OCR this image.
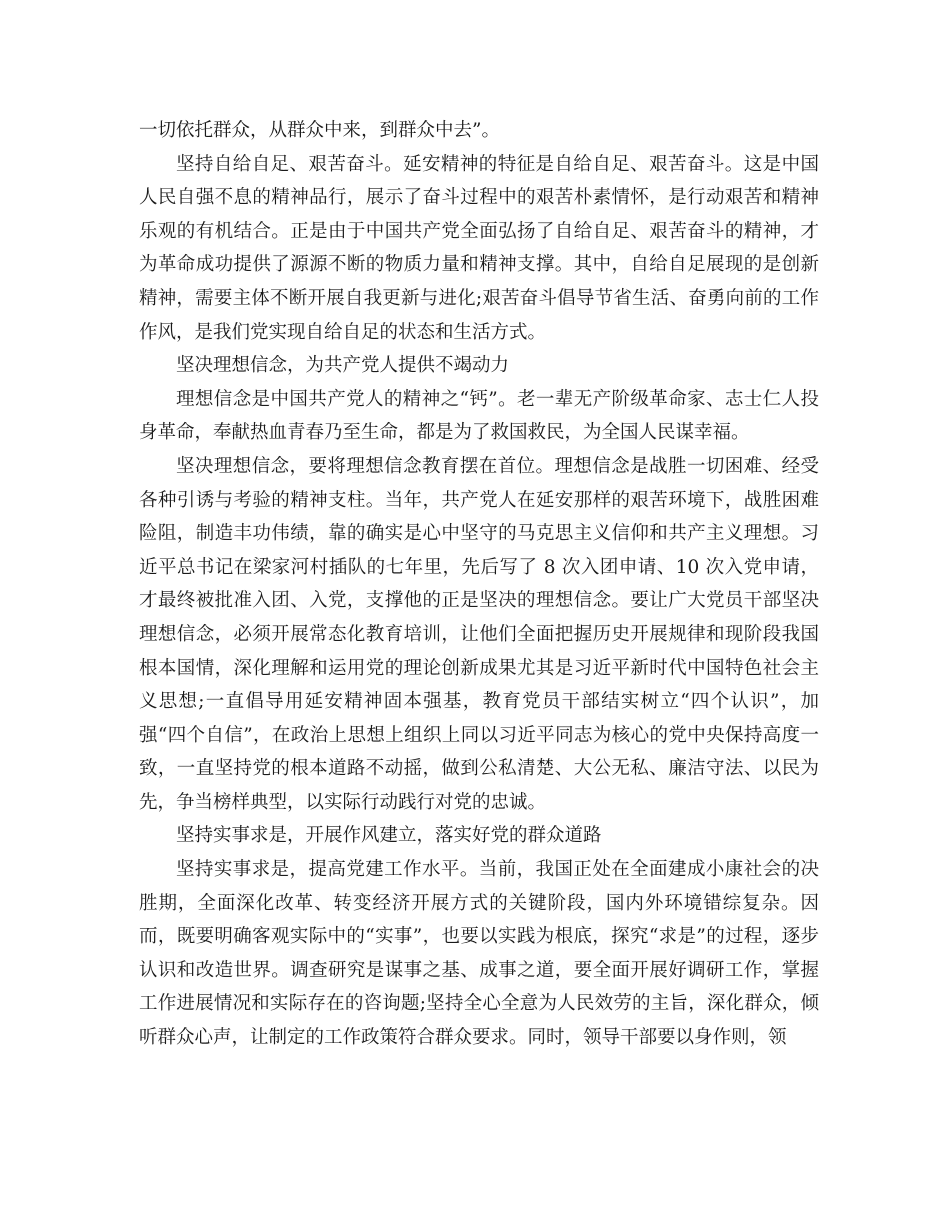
一切依托群众，从群众中来，到群众中去”。

坚持自给自足、艰苦奋斗。延安精神的特征是自给自足、艰苦奋斗。这是中国人民自强不息的精神品行，展示了奋斗过程中的艰苦朴素情怀，是行动艰苦和精神乐观的有机结合。正是由于中国共产党全面弘扬了自给自足、艰苦奋斗的精神，才为革命成功提供了源源不断的物质力量和精神支撑。其中，自给自足展现的是创新精神，需要主体不断开展自我更新与进化;艰苦奋斗倡导节省生活、奋勇向前的工作作风，是我们党实现自给自足的状态和生活方式。

坚决理想信念，为共产党人提供不竭动力

理想信念是中国共产党人的精神之“钙”。老一辈无产阶级革命家、志士仁人投身革命，奉献热血青春乃至生命，都是为了救国救民，为全国人民谋幸福。

坚决理想信念，要将理想信念教育摆在首位。理想信念是战胜一切困难、经受各种引诱与考验的精神支柱。当年，共产党人在延安那样的艰苦环境下，战胜困难险阻，制造丰功伟绩，靠的确实是心中坚守的马克思主义信仰和共产主义理想。习近平总书记在梁家河村插队的七年里，先后写了 8 次入团申请、10 次入党申请，才最终被批准入团、入党，支撑他的正是坚决的理想信念。要让广大党员干部坚决理想信念，必须开展常态化教育培训，让他们全面把握历史开展规律和现阶段我国根本国情，深化理解和运用党的理论创新成果尤其是习近平新时代中国特色社会主义思想;一直倡导用延安精神固本强基，教育党员干部结实树立“四个认识”，加强“四个自信”，在政治上思想上组织上同以习近平同志为核心的党中央保持高度一致，一直坚持党的根本道路不动摇，做到公私清楚、大公无私、廉洁守法、以民为先，争当榜样典型，以实际行动践行对党的忠诚。

坚持实事求是，开展作风建立，落实好党的群众道路

坚持实事求是，提高党建工作水平。当前，我国正处在全面建成小康社会的决胜期，全面深化改革、转变经济开展方式的关键阶段，国内外环境错综复杂。因而，既要明确客观实际中的“实事”，也要以实践为根底，探究“求是”的过程，逐步认识和改造世界。调查研究是谋事之基、成事之道，要全面开展好调研工作，掌握工作进展情况和实际存在的咨询题;坚持全心全意为人民效劳的主旨，深化群众，倾听群众心声，让制定的工作政策符合群众要求。同时，领导干部要以身作则，领
